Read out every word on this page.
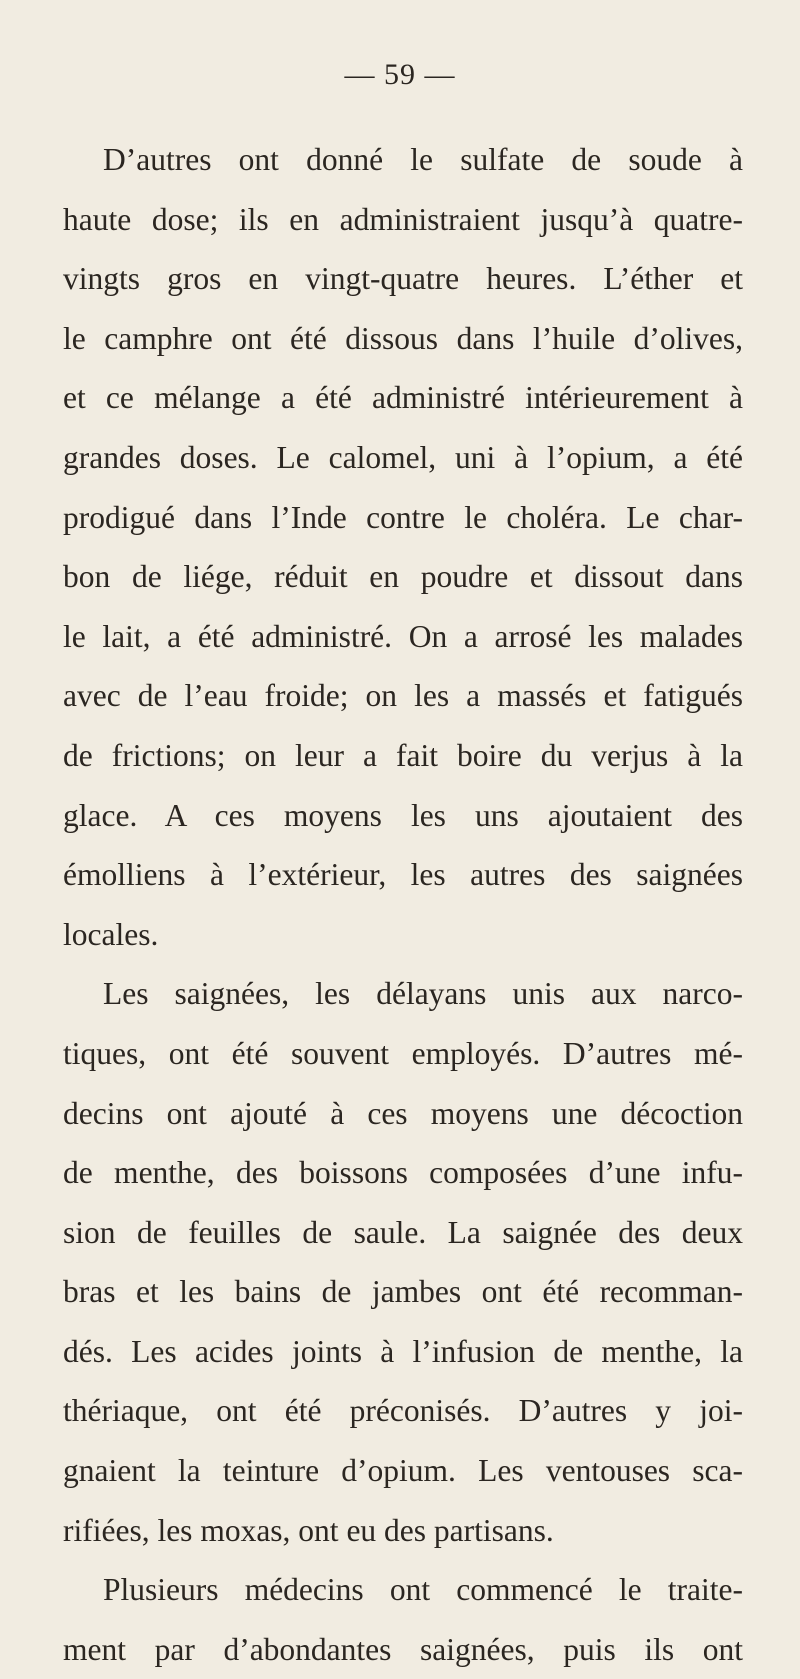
— 59 —
D’autres ont donné le sulfate de soude à
haute dose; ils en administraient jusqu’à quatre-
vingts gros en vingt-quatre heures. L’éther et
le camphre ont été dissous dans l’huile d’olives,
et ce mélange a été administré intérieurement à
grandes doses. Le calomel, uni à l’opium, a été
prodigué dans l’Inde contre le choléra. Le char-
bon de liége, réduit en poudre et dissout dans
le lait, a été administré. On a arrosé les malades
avec de l’eau froide; on les a massés et fatigués
de frictions; on leur a fait boire du verjus à la
glace. A ces moyens les uns ajoutaient des
émolliens à l’extérieur, les autres des saignées
locales.
Les saignées, les délayans unis aux narco-
tiques, ont été souvent employés. D’autres mé-
decins ont ajouté à ces moyens une décoction
de menthe, des boissons composées d’une infu-
sion de feuilles de saule. La saignée des deux
bras et les bains de jambes ont été recomman-
dés. Les acides joints à l’infusion de menthe, la
thériaque, ont été préconisés. D’autres y joi-
gnaient la teinture d’opium. Les ventouses sca-
rifiées, les moxas, ont eu des partisans.
Plusieurs médecins ont commencé le traite-
ment par d’abondantes saignées, puis ils ont
